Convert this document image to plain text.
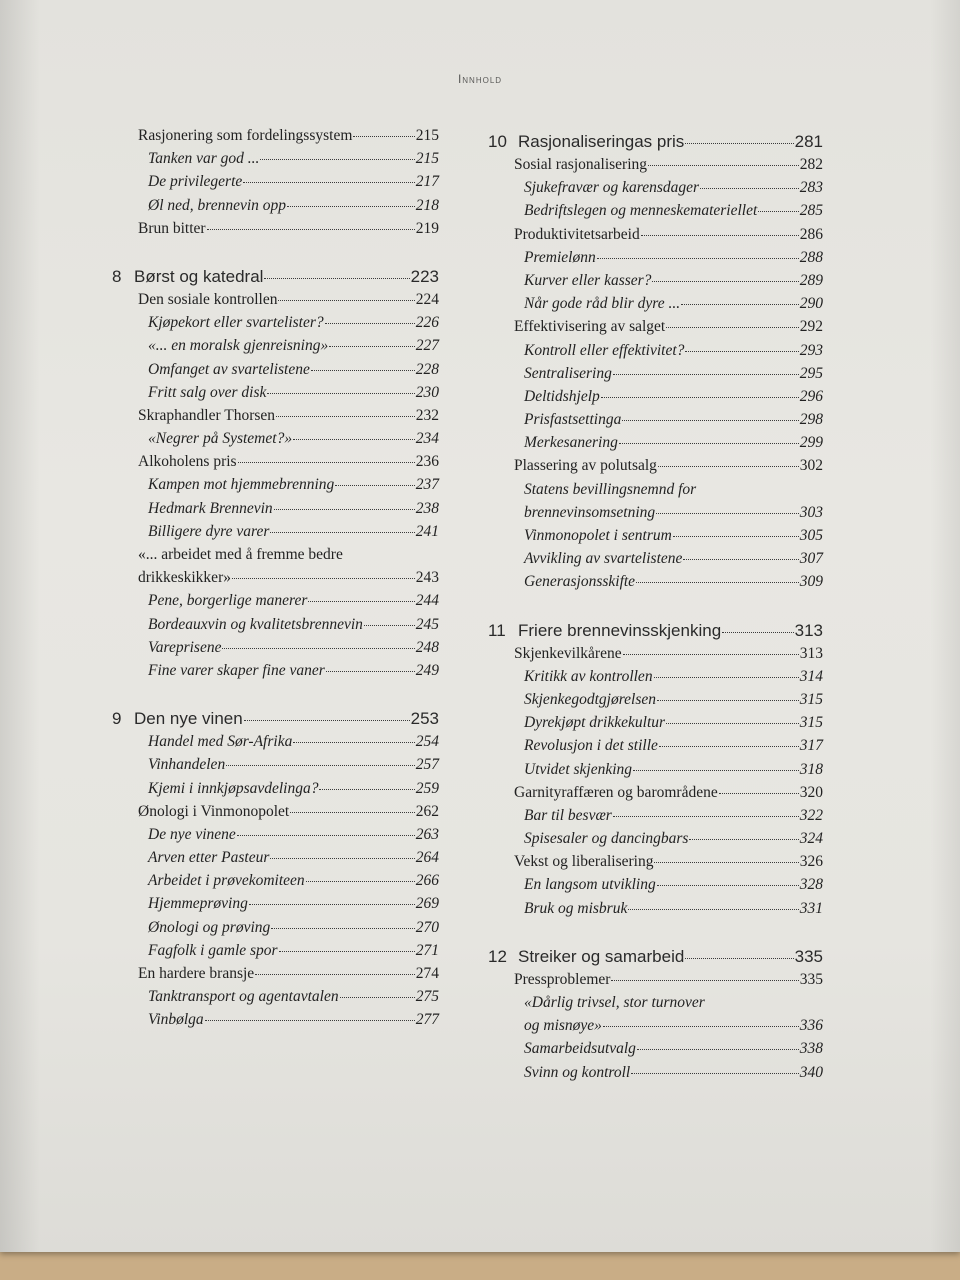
Innhold
Rasjonering som fordelingssystem	215
Tanken var god ...	215
De privilegerte	217
Øl ned, brennevin opp	218
Brun bitter	219
8 Børst og katedral	223
Den sosiale kontrollen	224
Kjøpekort eller svartelister?	226
«... en moralsk gjenreisning»	227
Omfanget av svartelistene	228
Fritt salg over disk	230
Skraphandler Thorsen	232
«Negrer på Systemet?»	234
Alkoholens pris	236
Kampen mot hjemmebrenning	237
Hedmark Brennevin	238
Billigere dyre varer	241
«... arbeidet med å fremme bedre
drikkeskikker»	243
Pene, borgerlige manerer	244
Bordeauxvin og kvalitetsbrennevin	245
Vareprisene	248
Fine varer skaper fine vaner	249
9 Den nye vinen	253
Handel med Sør-Afrika	254
Vinhandelen	257
Kjemi i innkjøpsavdelinga?	259
Ønologi i Vinmonopolet	262
De nye vinene	263
Arven etter Pasteur	264
Arbeidet i prøvekomiteen	266
Hjemmeprøving	269
Ønologi og prøving	270
Fagfolk i gamle spor	271
En hardere bransje	274
Tanktransport og agentavtalen	275
Vinbølga	277
10 Rasjonaliseringas pris	281
Sosial rasjonalisering	282
Sjukefravær og karensdager	283
Bedriftslegen og menneskemateriellet	285
Produktivitetsarbeid	286
Premielønn	288
Kurver eller kasser?	289
Når gode råd blir dyre ...	290
Effektivisering av salget	292
Kontroll eller effektivitet?	293
Sentralisering	295
Deltidshjelp	296
Prisfastsettinga	298
Merkesanering	299
Plassering av polutsalg	302
Statens bevillingsnemnd for
brennevinsomsetning	303
Vinmonopolet i sentrum	305
Avvikling av svartelistene	307
Generasjonsskifte	309
11 Friere brennevinsskjenking	313
Skjenkevilkårene	313
Kritikk av kontrollen	314
Skjenkegodtgjørelsen	315
Dyrekjøpt drikkekultur	315
Revolusjon i det stille	317
Utvidet skjenking	318
Garnityraffæren og barområdene	320
Bar til besvær	322
Spisesaler og dancingbars	324
Vekst og liberalisering	326
En langsom utvikling	328
Bruk og misbruk	331
12 Streiker og samarbeid	335
Pressproblemer	335
«Dårlig trivsel, stor turnover
og misnøye»	336
Samarbeidsutvalg	338
Svinn og kontroll	340
